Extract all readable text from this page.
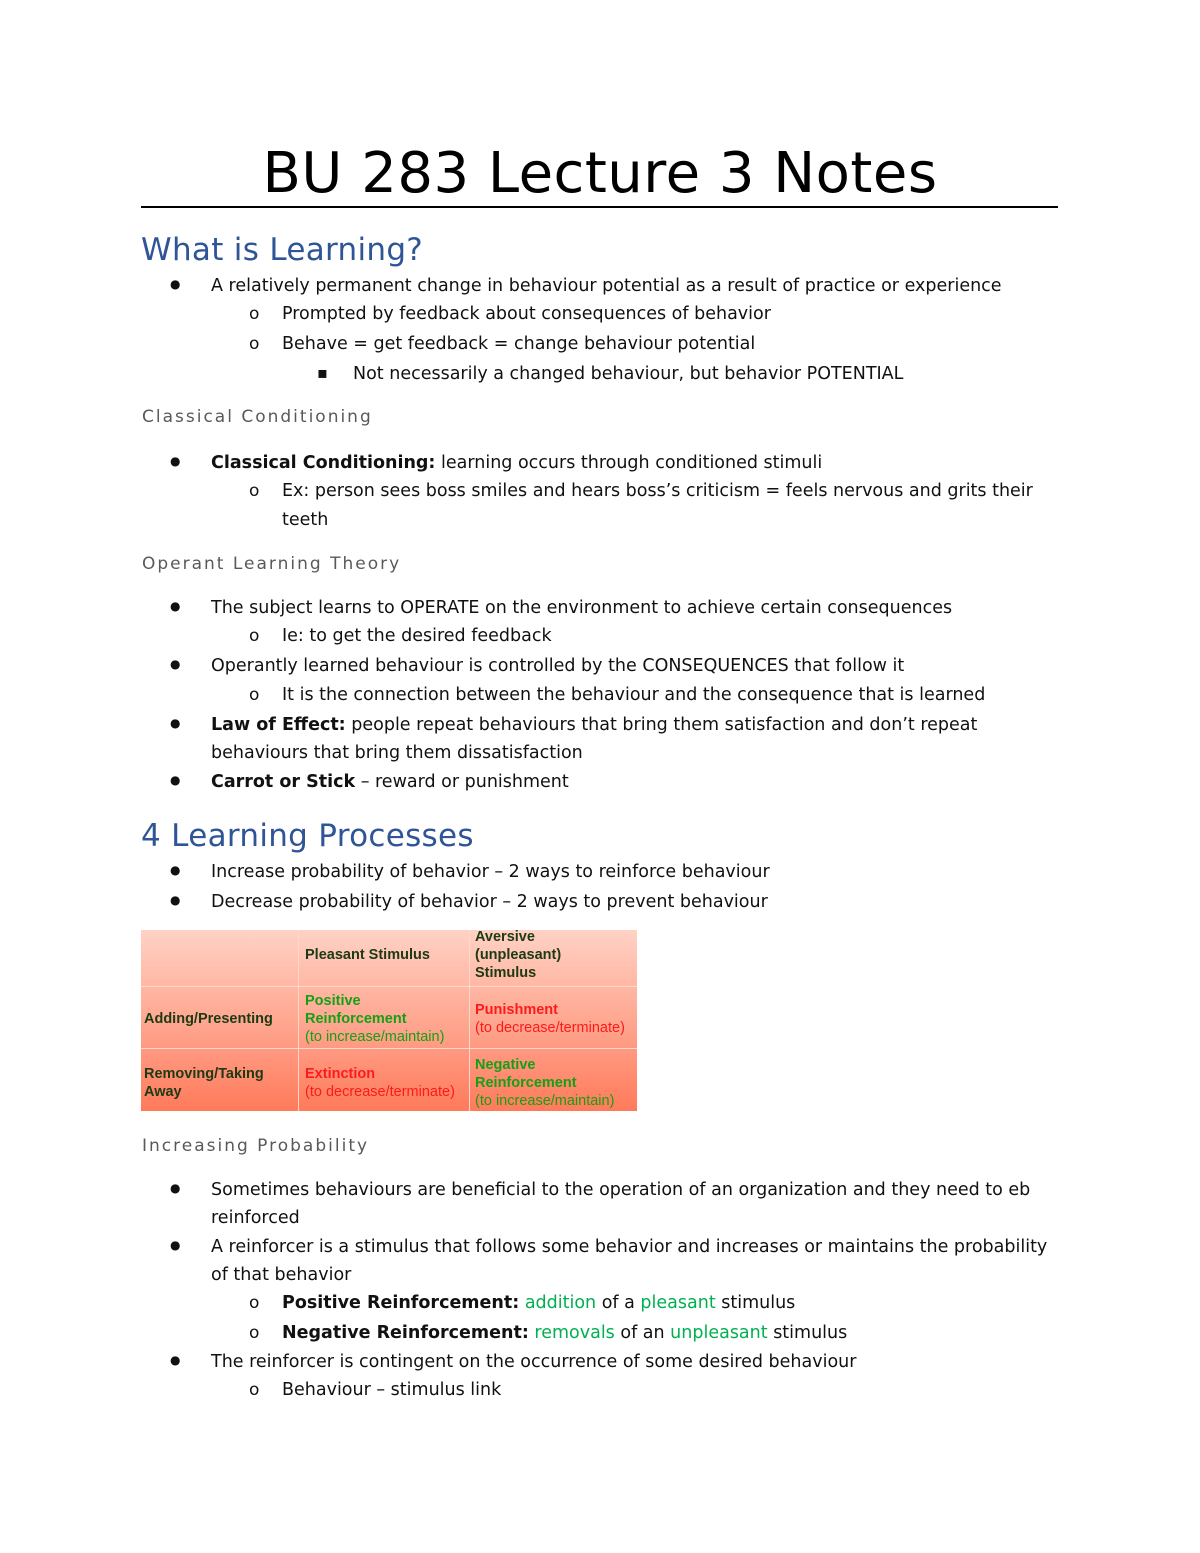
BU 283 Lecture 3 Notes
What is Learning?
●
A relatively permanent change in behaviour potential as a result of practice or experience
o
Prompted by feedback about consequences of behavior
o
Behave = get feedback = change behaviour potential
▪
Not necessarily a changed behaviour, but behavior POTENTIAL
Classical Conditioning
●
Classical Conditioning: learning occurs through conditioned stimuli
o
Ex: person sees boss smiles and hears boss’s criticism = feels nervous and grits their
teeth
Operant Learning Theory
●
The subject learns to OPERATE on the environment to achieve certain consequences
o
Ie: to get the desired feedback
●
Operantly learned behaviour is controlled by the CONSEQUENCES that follow it
o
It is the connection between the behaviour and the consequence that is learned
●
Law of Effect: people repeat behaviours that bring them satisfaction and don’t repeat
behaviours that bring them dissatisfaction
●
Carrot or Stick – reward or punishment
4 Learning Processes
●
Increase probability of behavior – 2 ways to reinforce behaviour
●
Decrease probability of behavior – 2 ways to prevent behaviour
Pleasant Stimulus
Aversive (unpleasant) Stimulus
Adding/Presenting
Removing/Taking Away
Positive Reinforcement
(to increase/maintain)
Punishment
(to decrease/terminate)
Extinction
(to decrease/terminate)
Negative Reinforcement
(to increase/maintain)
Increasing Probability
●
Sometimes behaviours are beneficial to the operation of an organization and they need to eb
reinforced
●
A reinforcer is a stimulus that follows some behavior and increases or maintains the probability
of that behavior
o
Positive Reinforcement: addition of a pleasant stimulus
o
Negative Reinforcement: removals of an unpleasant stimulus
●
The reinforcer is contingent on the occurrence of some desired behaviour
o
Behaviour – stimulus link
